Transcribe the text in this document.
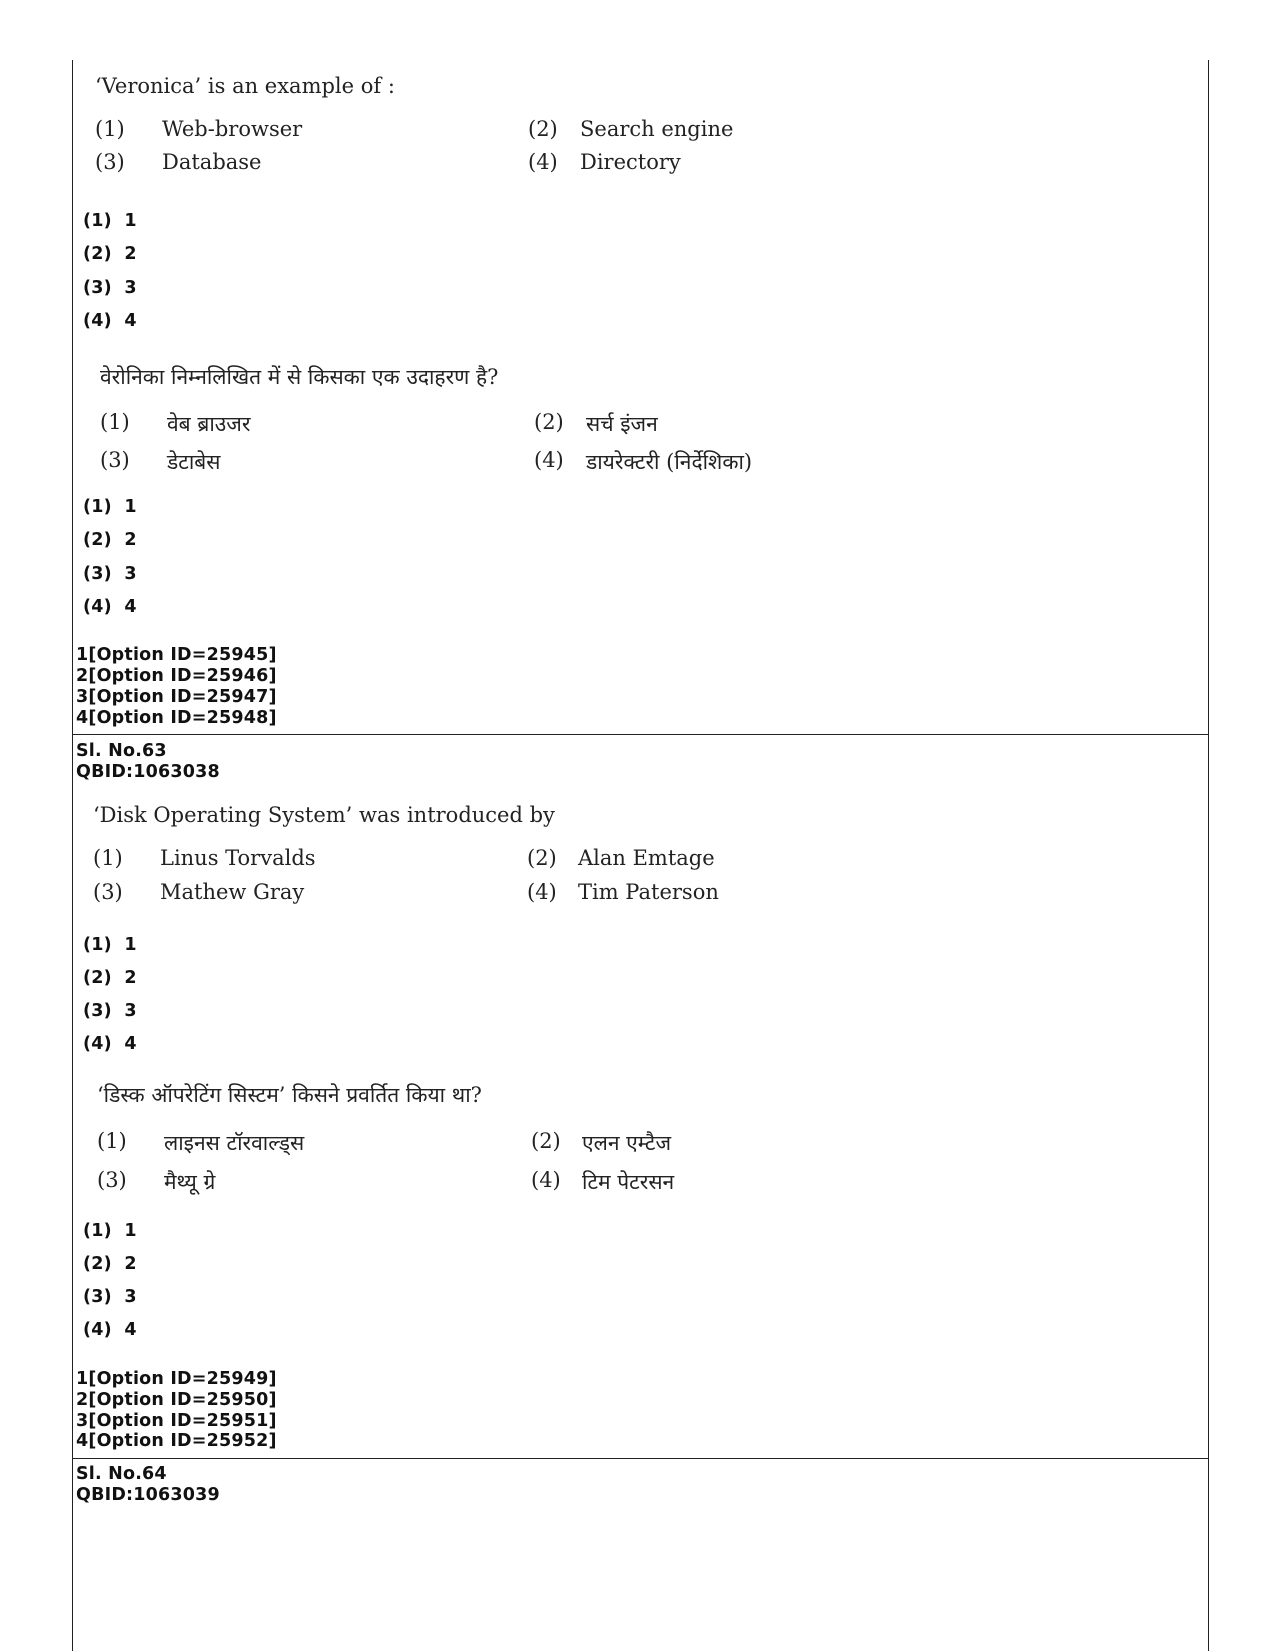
‘Veronica’ is an example of :
(1) Web-browser	(2) Search engine
(3) Database	(4) Directory
(1)  1
(2)  2
(3)  3
(4)  4
वेरोनिका निम्नलिखित में से किसका एक उदाहरण है?
(1) वेब ब्राउजर	(2) सर्च इंजन
(3) डेटाबेस	(4) डायरेक्टरी (निर्देशिका)
(1)  1
(2)  2
(3)  3
(4)  4
1[Option ID=25945]
2[Option ID=25946]
3[Option ID=25947]
4[Option ID=25948]
Sl. No.63
QBID:1063038
‘Disk Operating System’ was introduced by
(1) Linus Torvalds	(2) Alan Emtage
(3) Mathew Gray	(4) Tim Paterson
(1)  1
(2)  2
(3)  3
(4)  4
‘डिस्क ऑपरेटिंग सिस्टम’ किसने प्रवर्तित किया था?
(1) लाइनस टॉरवाल्ड्स	(2) एलन एम्टैज
(3) मैथ्यू ग्रे	(4) टिम पेटरसन
(1)  1
(2)  2
(3)  3
(4)  4
1[Option ID=25949]
2[Option ID=25950]
3[Option ID=25951]
4[Option ID=25952]
Sl. No.64
QBID:1063039
